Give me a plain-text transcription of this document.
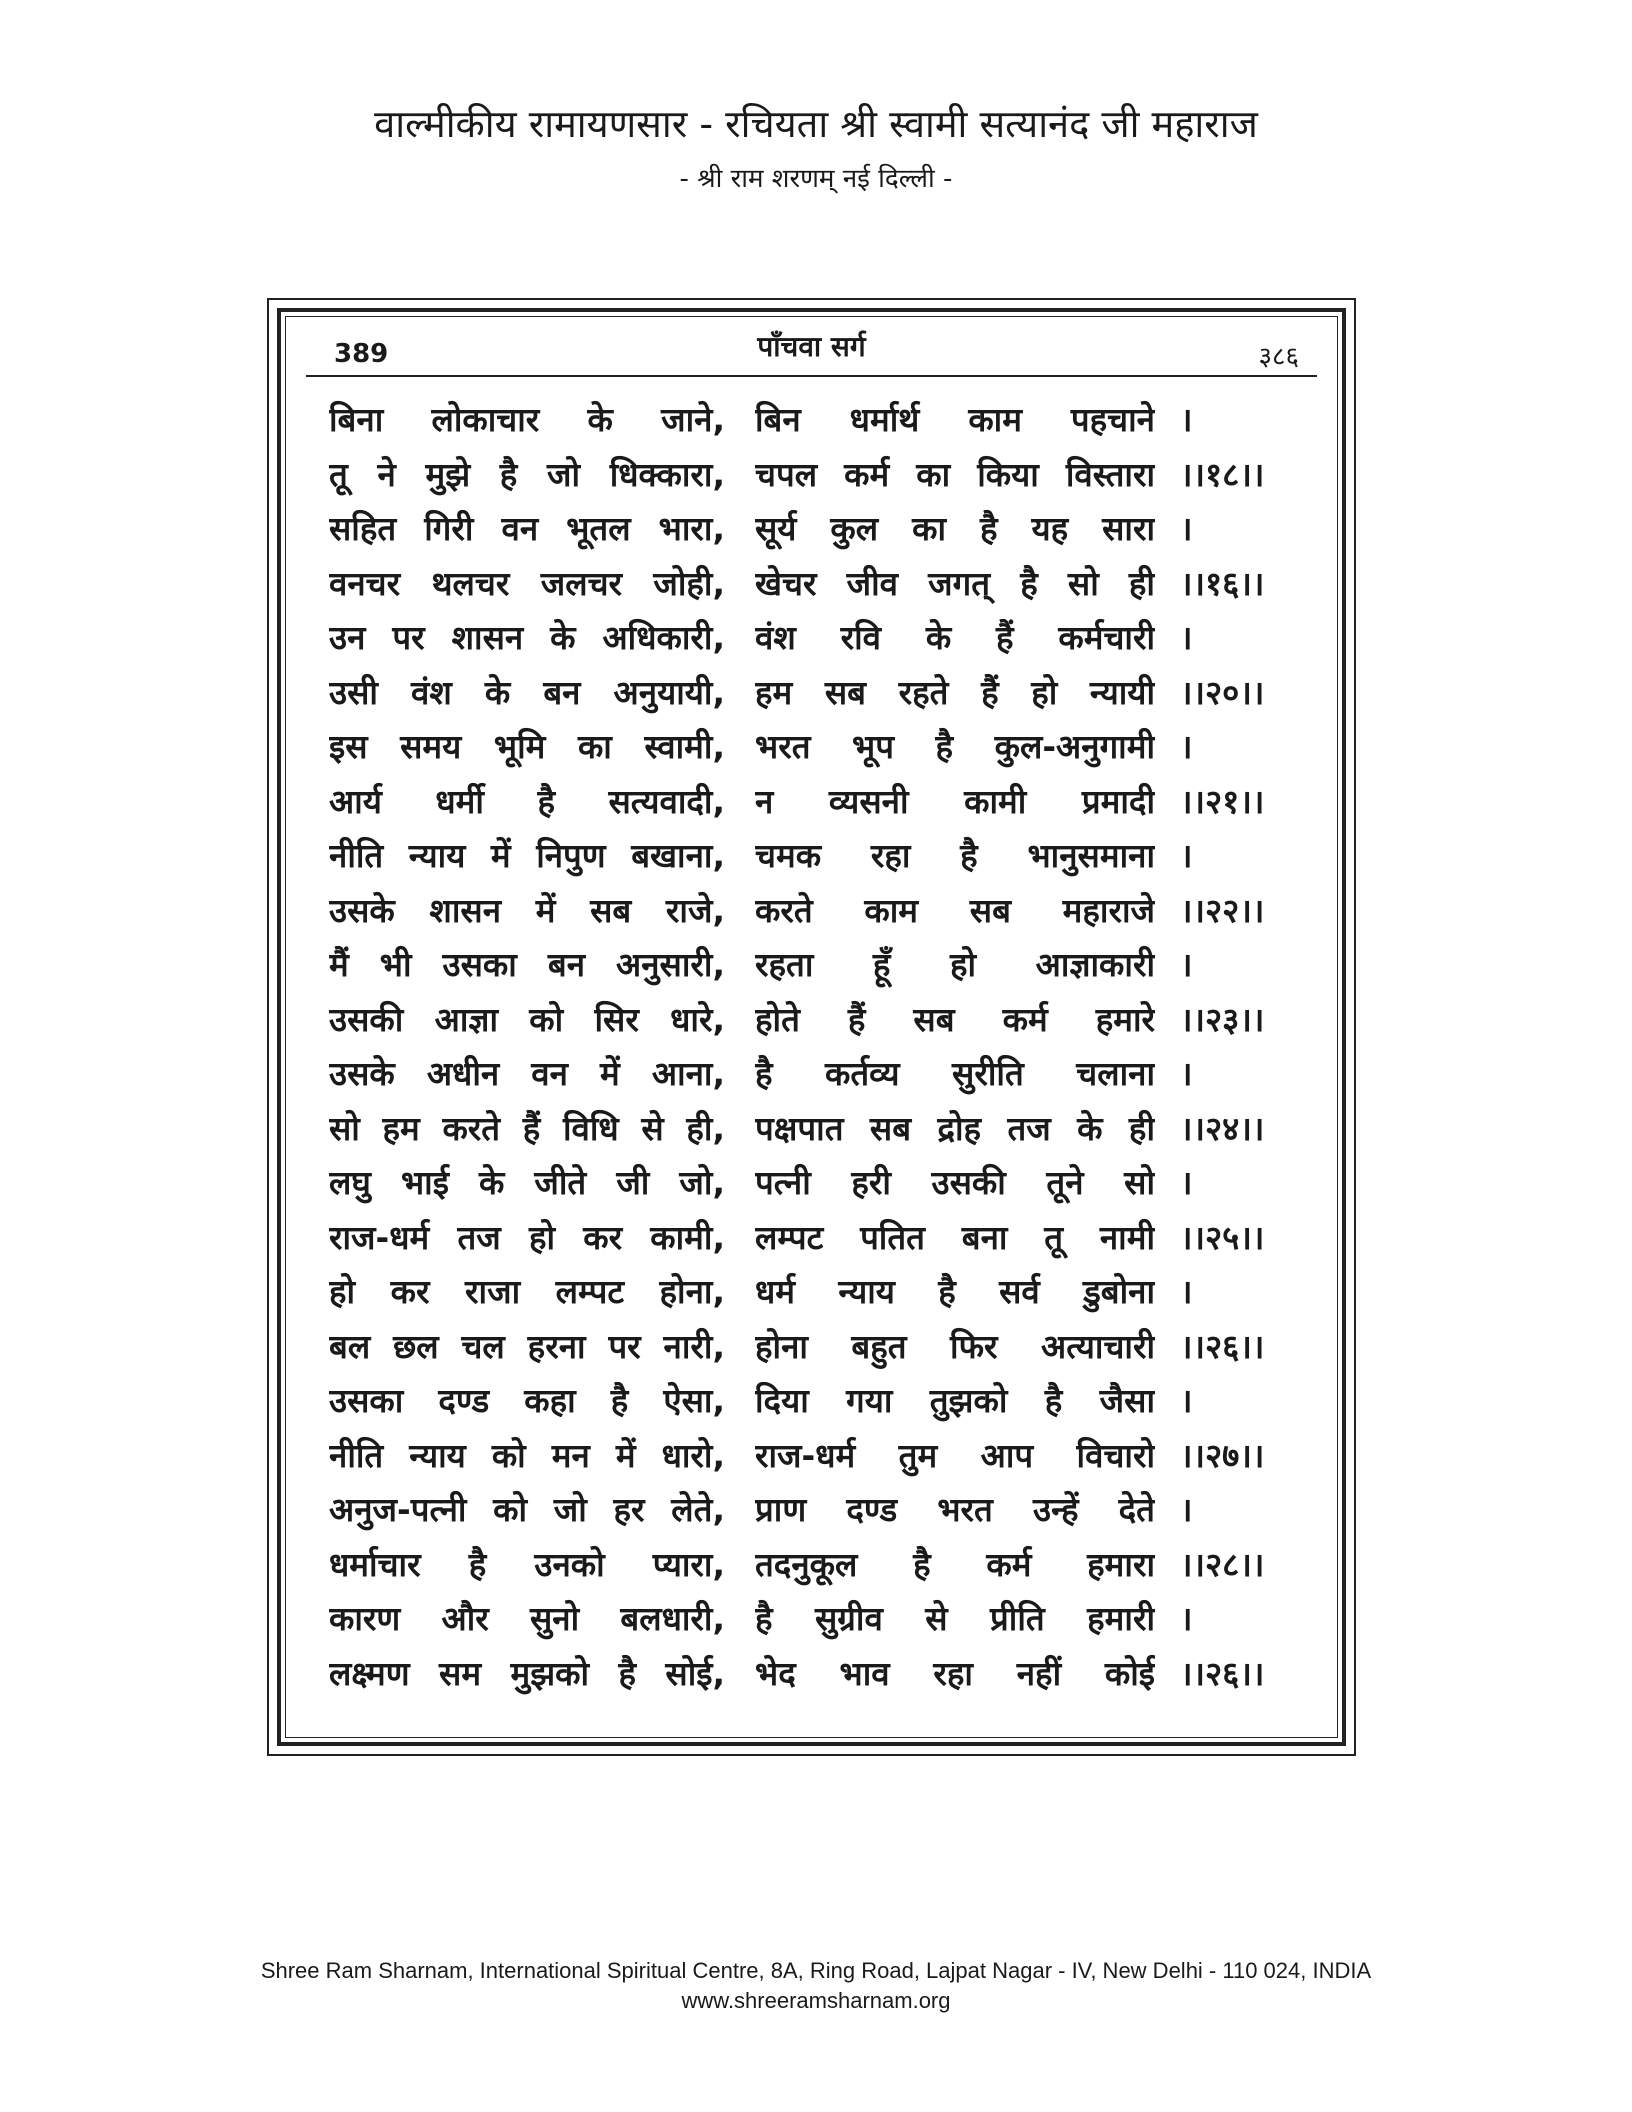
वाल्मीकीय रामायणसार - रचियता श्री स्वामी सत्यानंद जी महाराज
- श्री राम शरणम् नई दिल्ली -
389	पाँचवा सर्ग	३८६
बिना लोकाचार के जाने, बिन धर्मार्थ काम पहचाने ।
तू ने मुझे है जो धिक्कारा, चपल कर्म का किया विस्तारा ।।१८।।
सहित गिरी वन भूतल भारा, सूर्य कुल का है यह सारा ।
वनचर थलचर जलचर जोही, खेचर जीव जगत् है सो ही ।।१६।।
उन पर शासन के अधिकारी, वंश रवि के हैं कर्मचारी ।
उसी वंश के बन अनुयायी, हम सब रहते हैं हो न्यायी ।।२०।।
इस समय भूमि का स्वामी, भरत भूप है कुल-अनुगामी ।
आर्य धर्मी है सत्यवादी, न व्यसनी कामी प्रमादी ।।२१।।
नीति न्याय में निपुण बखाना, चमक रहा है भानुसमाना ।
उसके शासन में सब राजे, करते काम सब महाराजे ।।२२।।
मैं भी उसका बन अनुसारी, रहता हूँ हो आज्ञाकारी ।
उसकी आज्ञा को सिर धारे, होते हैं सब कर्म हमारे ।।२३।।
उसके अधीन वन में आना, है कर्तव्य सुरीति चलाना ।
सो हम करते हैं विधि से ही, पक्षपात सब द्रोह तज के ही ।।२४।।
लघु भाई के जीते जी जो, पत्नी हरी उसकी तूने सो ।
राज-धर्म तज हो कर कामी, लम्पट पतित बना तू नामी ।।२५।।
हो कर राजा लम्पट होना, धर्म न्याय है सर्व डुबोना ।
बल छल चल हरना पर नारी, होना बहुत फिर अत्याचारी ।।२६।।
उसका दण्ड कहा है ऐसा, दिया गया तुझको है जैसा ।
नीति न्याय को मन में धारो, राज-धर्म तुम आप विचारो ।।२७।।
अनुज-पत्नी को जो हर लेते, प्राण दण्ड भरत उन्हें देते ।
धर्माचार है उनको प्यारा, तदनुकूल है कर्म हमारा ।।२८।।
कारण और सुनो बलधारी, है सुग्रीव से प्रीति हमारी ।
लक्ष्मण सम मुझको है सोई, भेद भाव रहा नहीं कोई ।।२६।।
Shree Ram Sharnam, International Spiritual Centre, 8A, Ring Road, Lajpat Nagar - IV, New Delhi - 110 024, INDIA
www.shreeramsharnam.org
